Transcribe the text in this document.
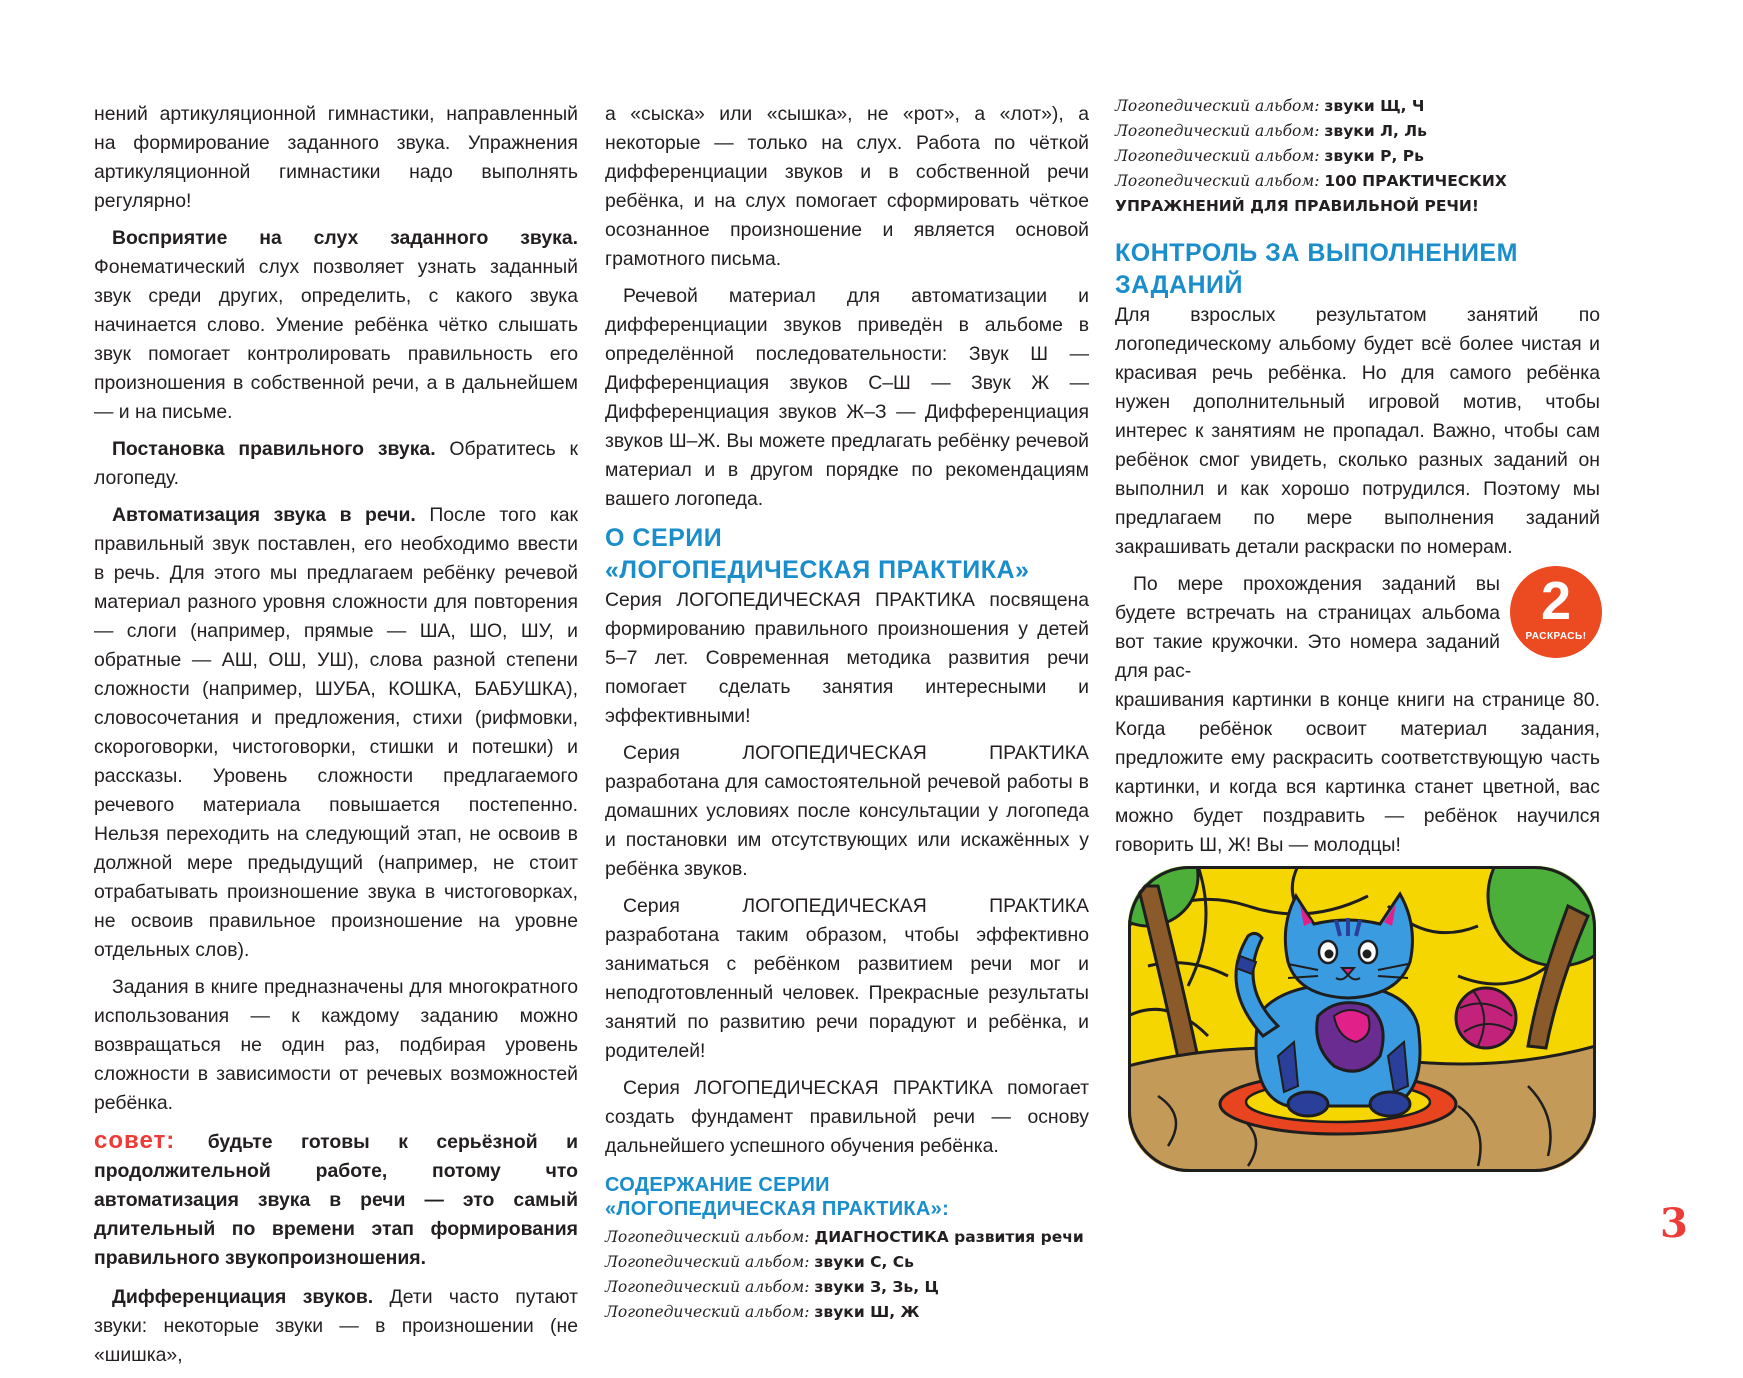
нений артикуляционной гимнастики, направленный на формирование заданного звука. Упражнения артикуляционной гимнастики надо выполнять регулярно!

Восприятие на слух заданного звука. Фонематический слух позволяет узнать заданный звук среди других, определить, с какого звука начинается слово. Умение ребёнка чётко слышать звук помогает контролировать правильность его произношения в собственной речи, а в дальнейшем — и на письме.

Постановка правильного звука. Обратитесь к логопеду.

Автоматизация звука в речи. После того как правильный звук поставлен, его необходимо ввести в речь. Для этого мы предлагаем ребёнку речевой материал разного уровня сложности для повторения — слоги (например, прямые — ША, ШО, ШУ, и обратные — АШ, ОШ, УШ), слова разной степени сложности (например, ШУБА, КОШКА, БАБУШКА), словосочетания и предложения, стихи (рифмовки, скороговорки, чистоговорки, стишки и потешки) и рассказы. Уровень сложности предлагаемого речевого материала повышается постепенно. Нельзя переходить на следующий этап, не освоив в должной мере предыдущий (например, не стоит отрабатывать произношение звука в чистоговорках, не освоив правильное произношение на уровне отдельных слов).

Задания в книге предназначены для многократного использования — к каждому заданию можно возвращаться не один раз, подбирая уровень сложности в зависимости от речевых возможностей ребёнка.

совет: будьте готовы к серьёзной и продолжительной работе, потому что автоматизация звука в речи — это самый длительный по времени этап формирования правильного звукопроизношения.

Дифференциация звуков. Дети часто путают звуки: некоторые звуки — в произношении (не «шишка»,

а «сыска» или «сышка», не «рот», а «лот»), а некоторые — только на слух. Работа по чёткой дифференциации звуков и в собственной речи ребёнка, и на слух помогает сформировать чёткое осознанное произношение и является основой грамотного письма.

Речевой материал для автоматизации и дифференциации звуков приведён в альбоме в определённой последовательности: Звук Ш — Дифференциация звуков С–Ш — Звук Ж — Дифференциация звуков Ж–З — Дифференциация звуков Ш–Ж. Вы можете предлагать ребёнку речевой материал и в другом порядке по рекомендациям вашего логопеда.

О СЕРИИ
«ЛОГОПЕДИЧЕСКАЯ ПРАКТИКА»

Серия ЛОГОПЕДИЧЕСКАЯ ПРАКТИКА посвящена формированию правильного произношения у детей 5–7 лет. Современная методика развития речи помогает сделать занятия интересными и эффективными!

Серия ЛОГОПЕДИЧЕСКАЯ ПРАКТИКА разработана для самостоятельной речевой работы в домашних условиях после консультации у логопеда и постановки им отсутствующих или искажённых у ребёнка звуков.

Серия ЛОГОПЕДИЧЕСКАЯ ПРАКТИКА разработана таким образом, чтобы эффективно заниматься с ребёнком развитием речи мог и неподготовленный человек. Прекрасные результаты занятий по развитию речи порадуют и ребёнка, и родителей!

Серия ЛОГОПЕДИЧЕСКАЯ ПРАКТИКА помогает создать фундамент правильной речи — основу дальнейшего успешного обучения ребёнка.

СОДЕРЖАНИЕ СЕРИИ
«ЛОГОПЕДИЧЕСКАЯ ПРАКТИКА»:
Логопедический альбом: ДИАГНОСТИКА развития речи
Логопедический альбом: звуки С, Сь
Логопедический альбом: звуки З, Зь, Ц
Логопедический альбом: звуки Ш, Ж
Логопедический альбом: звуки Щ, Ч
Логопедический альбом: звуки Л, Ль
Логопедический альбом: звуки Р, Рь
Логопедический альбом: 100 ПРАКТИЧЕСКИХ УПРАЖНЕНИЙ ДЛЯ ПРАВИЛЬНОЙ РЕЧИ!
КОНТРОЛЬ ЗА ВЫПОЛНЕНИЕМ
ЗАДАНИЙ

Для взрослых результатом занятий по логопедическому альбому будет всё более чистая и красивая речь ребёнка. Но для самого ребёнка нужен дополнительный игровой мотив, чтобы интерес к занятиям не пропадал. Важно, чтобы сам ребёнок смог увидеть, сколько разных заданий он выполнил и как хорошо потрудился. Поэтому мы предлагаем по мере выполнения заданий закрашивать детали раскраски по номерам.

2
РАСКРАСЬ!

По мере прохождения заданий вы будете встречать на страницах альбома вот такие кружочки. Это номера заданий для рас-

крашивания картинки в конце книги на странице 80. Когда ребёнок освоит материал задания, предложите ему раскрасить соответствующую часть картинки, и когда вся картинка станет цветной, вас можно будет поздравить — ребёнок научился говорить Ш, Ж! Вы — молодцы!

3
